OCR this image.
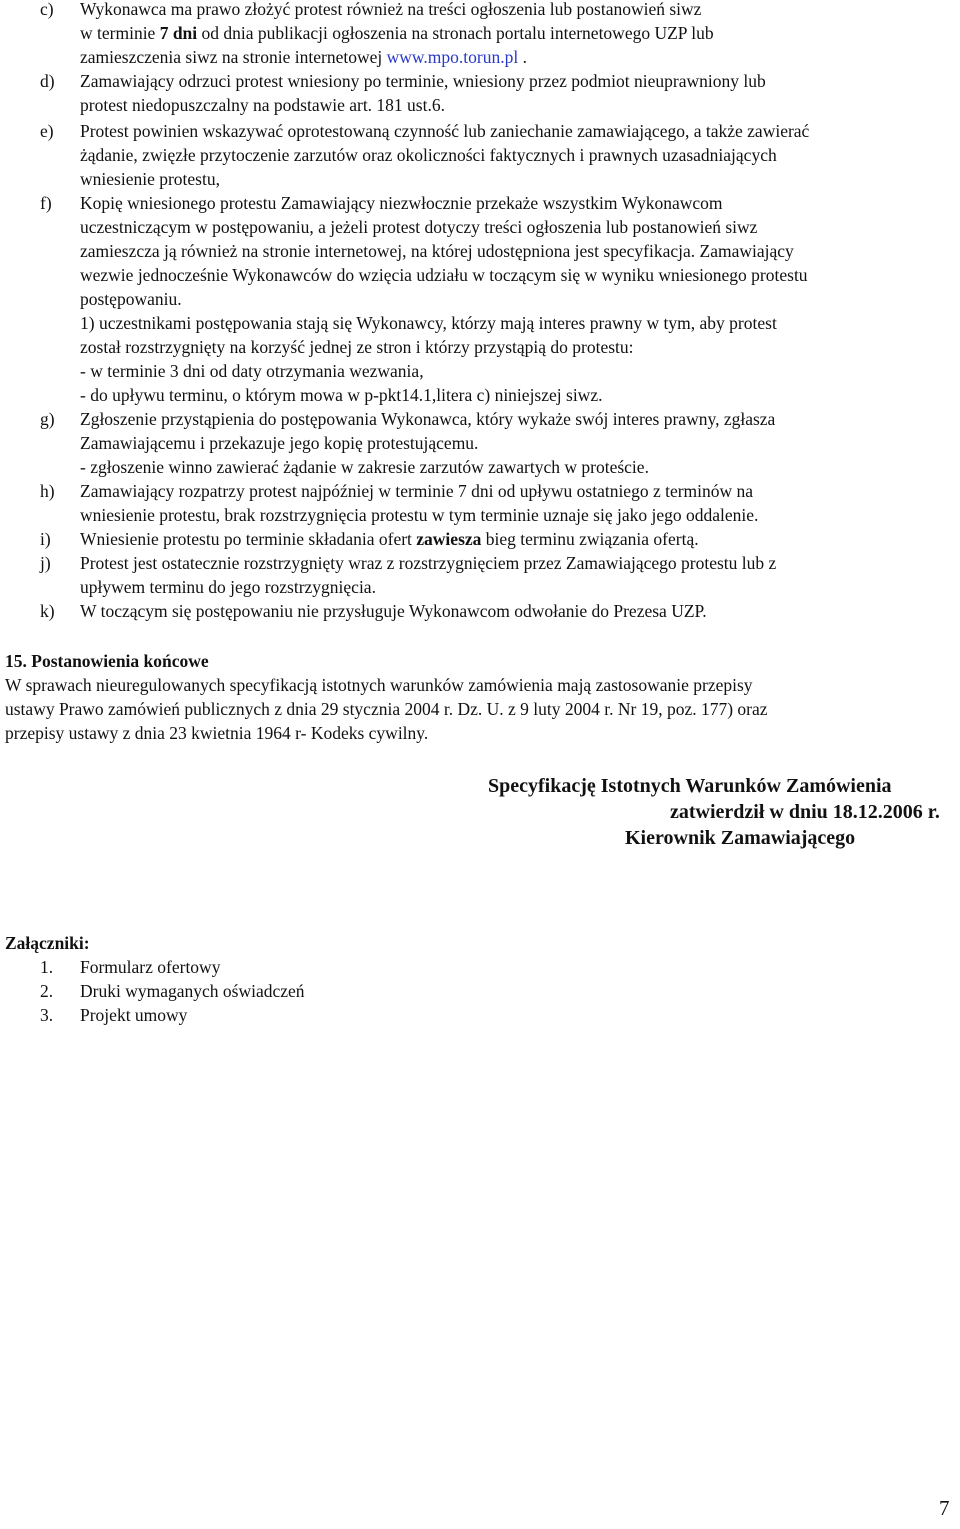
c) Wykonawca ma prawo złożyć protest również na treści ogłoszenia lub postanowień siwz
w terminie 7 dni od dnia publikacji ogłoszenia na stronach portalu internetowego UZP lub
zamieszczenia siwz na stronie internetowej www.mpo.torun.pl .
d) Zamawiający odrzuci protest wniesiony po terminie, wniesiony przez podmiot nieuprawniony lub
protest niedopuszczalny na podstawie art. 181 ust.6.
e) Protest powinien wskazywać oprotestowaną czynność lub zaniechanie zamawiającego, a także zawierać
żądanie, zwięzłe przytoczenie zarzutów oraz okoliczności faktycznych i prawnych uzasadniających
wniesienie protestu,
f) Kopię wniesionego protestu Zamawiający niezwłocznie przekaże wszystkim Wykonawcom
uczestniczącym w postępowaniu, a jeżeli protest dotyczy treści ogłoszenia lub postanowień siwz
zamieszcza ją również na stronie internetowej, na której udostępniona jest specyfikacja. Zamawiający
wezwie jednocześnie Wykonawców do wzięcia udziału w toczącym się w wyniku wniesionego protestu
postępowaniu.
1) uczestnikami postępowania stają się Wykonawcy, którzy mają interes prawny w tym, aby protest
został rozstrzygnięty na korzyść jednej ze stron i którzy przystąpią do protestu:
- w terminie 3 dni od daty otrzymania wezwania,
- do upływu terminu, o którym mowa w p-pkt14.1,litera c) niniejszej siwz.
g) Zgłoszenie przystąpienia do postępowania Wykonawca, który wykaże swój interes prawny, zgłasza
Zamawiającemu i przekazuje jego kopię protestującemu.
- zgłoszenie winno zawierać żądanie w zakresie zarzutów zawartych w proteście.
h) Zamawiający rozpatrzy protest najpóźniej w terminie 7 dni od upływu ostatniego z terminów na
wniesienie protestu, brak rozstrzygnięcia protestu w tym terminie uznaje się jako jego oddalenie.
i) Wniesienie protestu po terminie składania ofert zawiesza bieg terminu związania ofertą.
j) Protest jest ostatecznie rozstrzygnięty wraz z rozstrzygnięciem przez Zamawiającego protestu lub z
upływem terminu do jego rozstrzygnięcia.
k) W toczącym się postępowaniu nie przysługuje Wykonawcom odwołanie do Prezesa UZP.
15. Postanowienia końcowe
W sprawach nieuregulowanych specyfikacją istotnych warunków zamówienia mają zastosowanie przepisy
ustawy Prawo zamówień publicznych z dnia 29 stycznia 2004 r. Dz. U. z 9 luty 2004 r. Nr 19, poz. 177) oraz
przepisy ustawy z dnia 23 kwietnia 1964 r- Kodeks cywilny.
Specyfikację Istotnych Warunków Zamówienia
zatwierdził w dniu 18.12.2006 r.
Kierownik Zamawiającego
Załączniki:
1. Formularz ofertowy
2. Druki wymaganych oświadczeń
3. Projekt umowy
7
